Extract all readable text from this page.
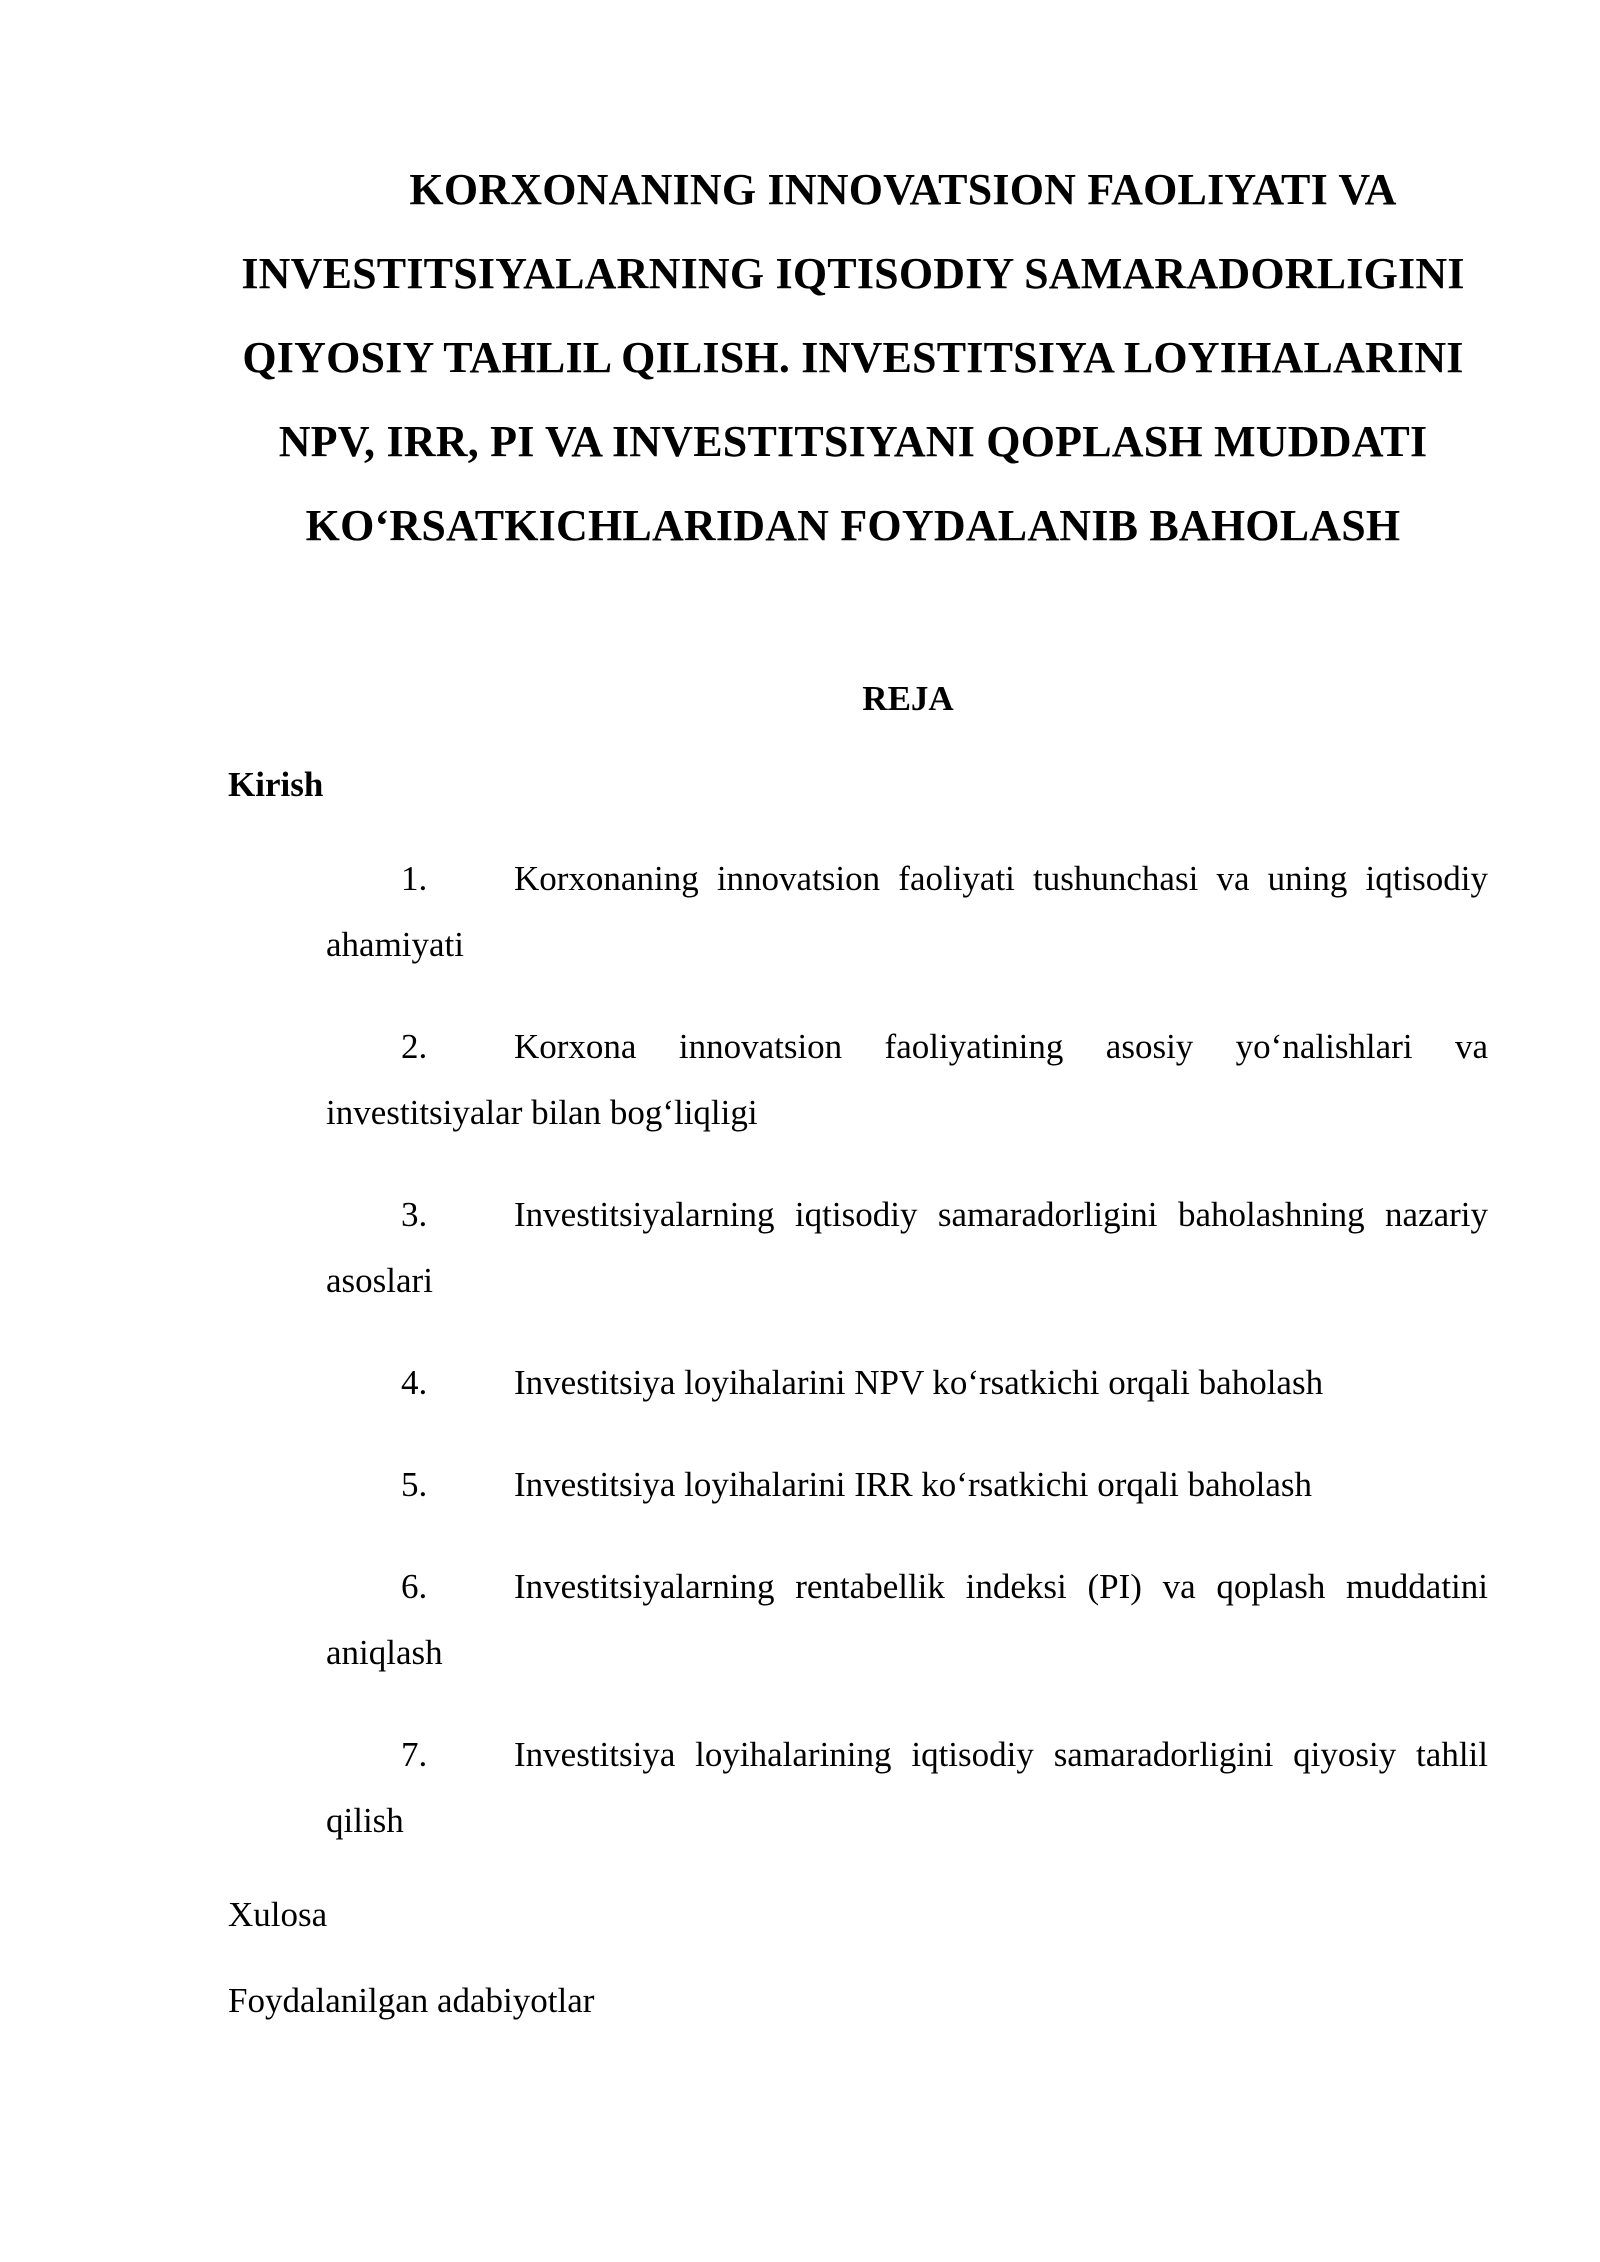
KORXONANING INNOVATSION FAOLIYATI VA INVESTITSIYALARNING IQTISODIY SAMARADORLIGINI QIYOSIY TAHLIL QILISH. INVESTITSIYA LOYIHALARINI NPV, IRR, PI VA INVESTITSIYANI QOPLASH MUDDATI KOʻRSATKICHLARIDAN FOYDALANIB BAHOLASH
REJA

Kirish

1. Korxonaning innovatsion faoliyati tushunchasi va uning iqtisodiy ahamiyati
2. Korxona innovatsion faoliyatining asosiy yoʻnalishlari va investitsiyalar bilan bogʻliqligi
3. Investitsiyalarning iqtisodiy samaradorligini baholashning nazariy asoslari
4. Investitsiya loyihalarini NPV koʻrsatkichi orqali baholash
5. Investitsiya loyihalarini IRR koʻrsatkichi orqali baholash
6. Investitsiyalarning rentabellik indeksi (PI) va qoplash muddatini aniqlash
7. Investitsiya loyihalarining iqtisodiy samaradorligini qiyosiy tahlil qilish

Xulosa

Foydalanilgan adabiyotlar
